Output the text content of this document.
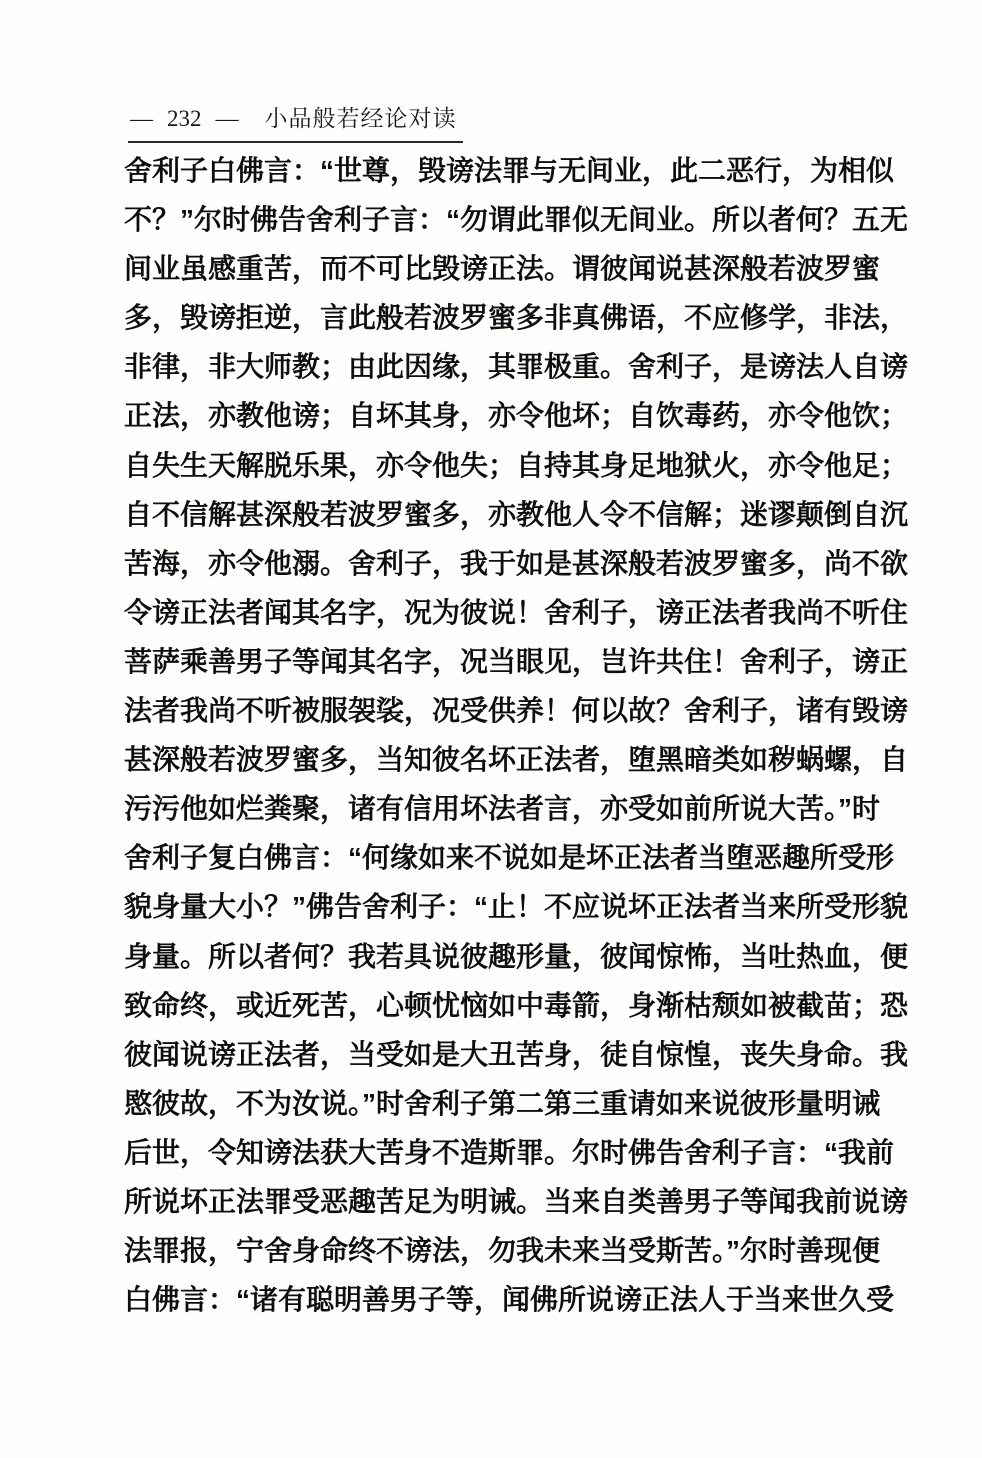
— 232 — 小品般若经论对读
舍利子白佛言：“世尊，毁谤法罪与无间业，此二恶行，为相似
不？”尔时佛告舍利子言：“勿谓此罪似无间业。所以者何？五无
间业虽感重苦，而不可比毁谤正法。谓彼闻说甚深般若波罗蜜
多，毁谤拒逆，言此般若波罗蜜多非真佛语，不应修学，非法，
非律，非大师教；由此因缘，其罪极重。舍利子，是谤法人自谤
正法，亦教他谤；自坏其身，亦令他坏；自饮毒药，亦令他饮；
自失生天解脱乐果，亦令他失；自持其身足地狱火，亦令他足；
自不信解甚深般若波罗蜜多，亦教他人令不信解；迷谬颠倒自沉
苦海，亦令他溺。舍利子，我于如是甚深般若波罗蜜多，尚不欲
令谤正法者闻其名字，况为彼说！舍利子，谤正法者我尚不听住
菩萨乘善男子等闻其名字，况当眼见，岂许共住！舍利子，谤正
法者我尚不听被服袈裟，况受供养！何以故？舍利子，诸有毁谤
甚深般若波罗蜜多，当知彼名坏正法者，堕黑暗类如秽蜗螺，自
污污他如烂粪聚，诸有信用坏法者言，亦受如前所说大苦。”时
舍利子复白佛言：“何缘如来不说如是坏正法者当堕恶趣所受形
貌身量大小？”佛告舍利子：“止！不应说坏正法者当来所受形貌
身量。所以者何？我若具说彼趣形量，彼闻惊怖，当吐热血，便
致命终，或近死苦，心顿忧恼如中毒箭，身渐枯颓如被截苗；恐
彼闻说谤正法者，当受如是大丑苦身，徒自惊惶，丧失身命。我
愍彼故，不为汝说。”时舍利子第二第三重请如来说彼形量明诫
后世，令知谤法获大苦身不造斯罪。尔时佛告舍利子言：“我前
所说坏正法罪受恶趣苦足为明诫。当来自类善男子等闻我前说谤
法罪报，宁舍身命终不谤法，勿我未来当受斯苦。”尔时善现便
白佛言：“诸有聪明善男子等，闻佛所说谤正法人于当来世久受
